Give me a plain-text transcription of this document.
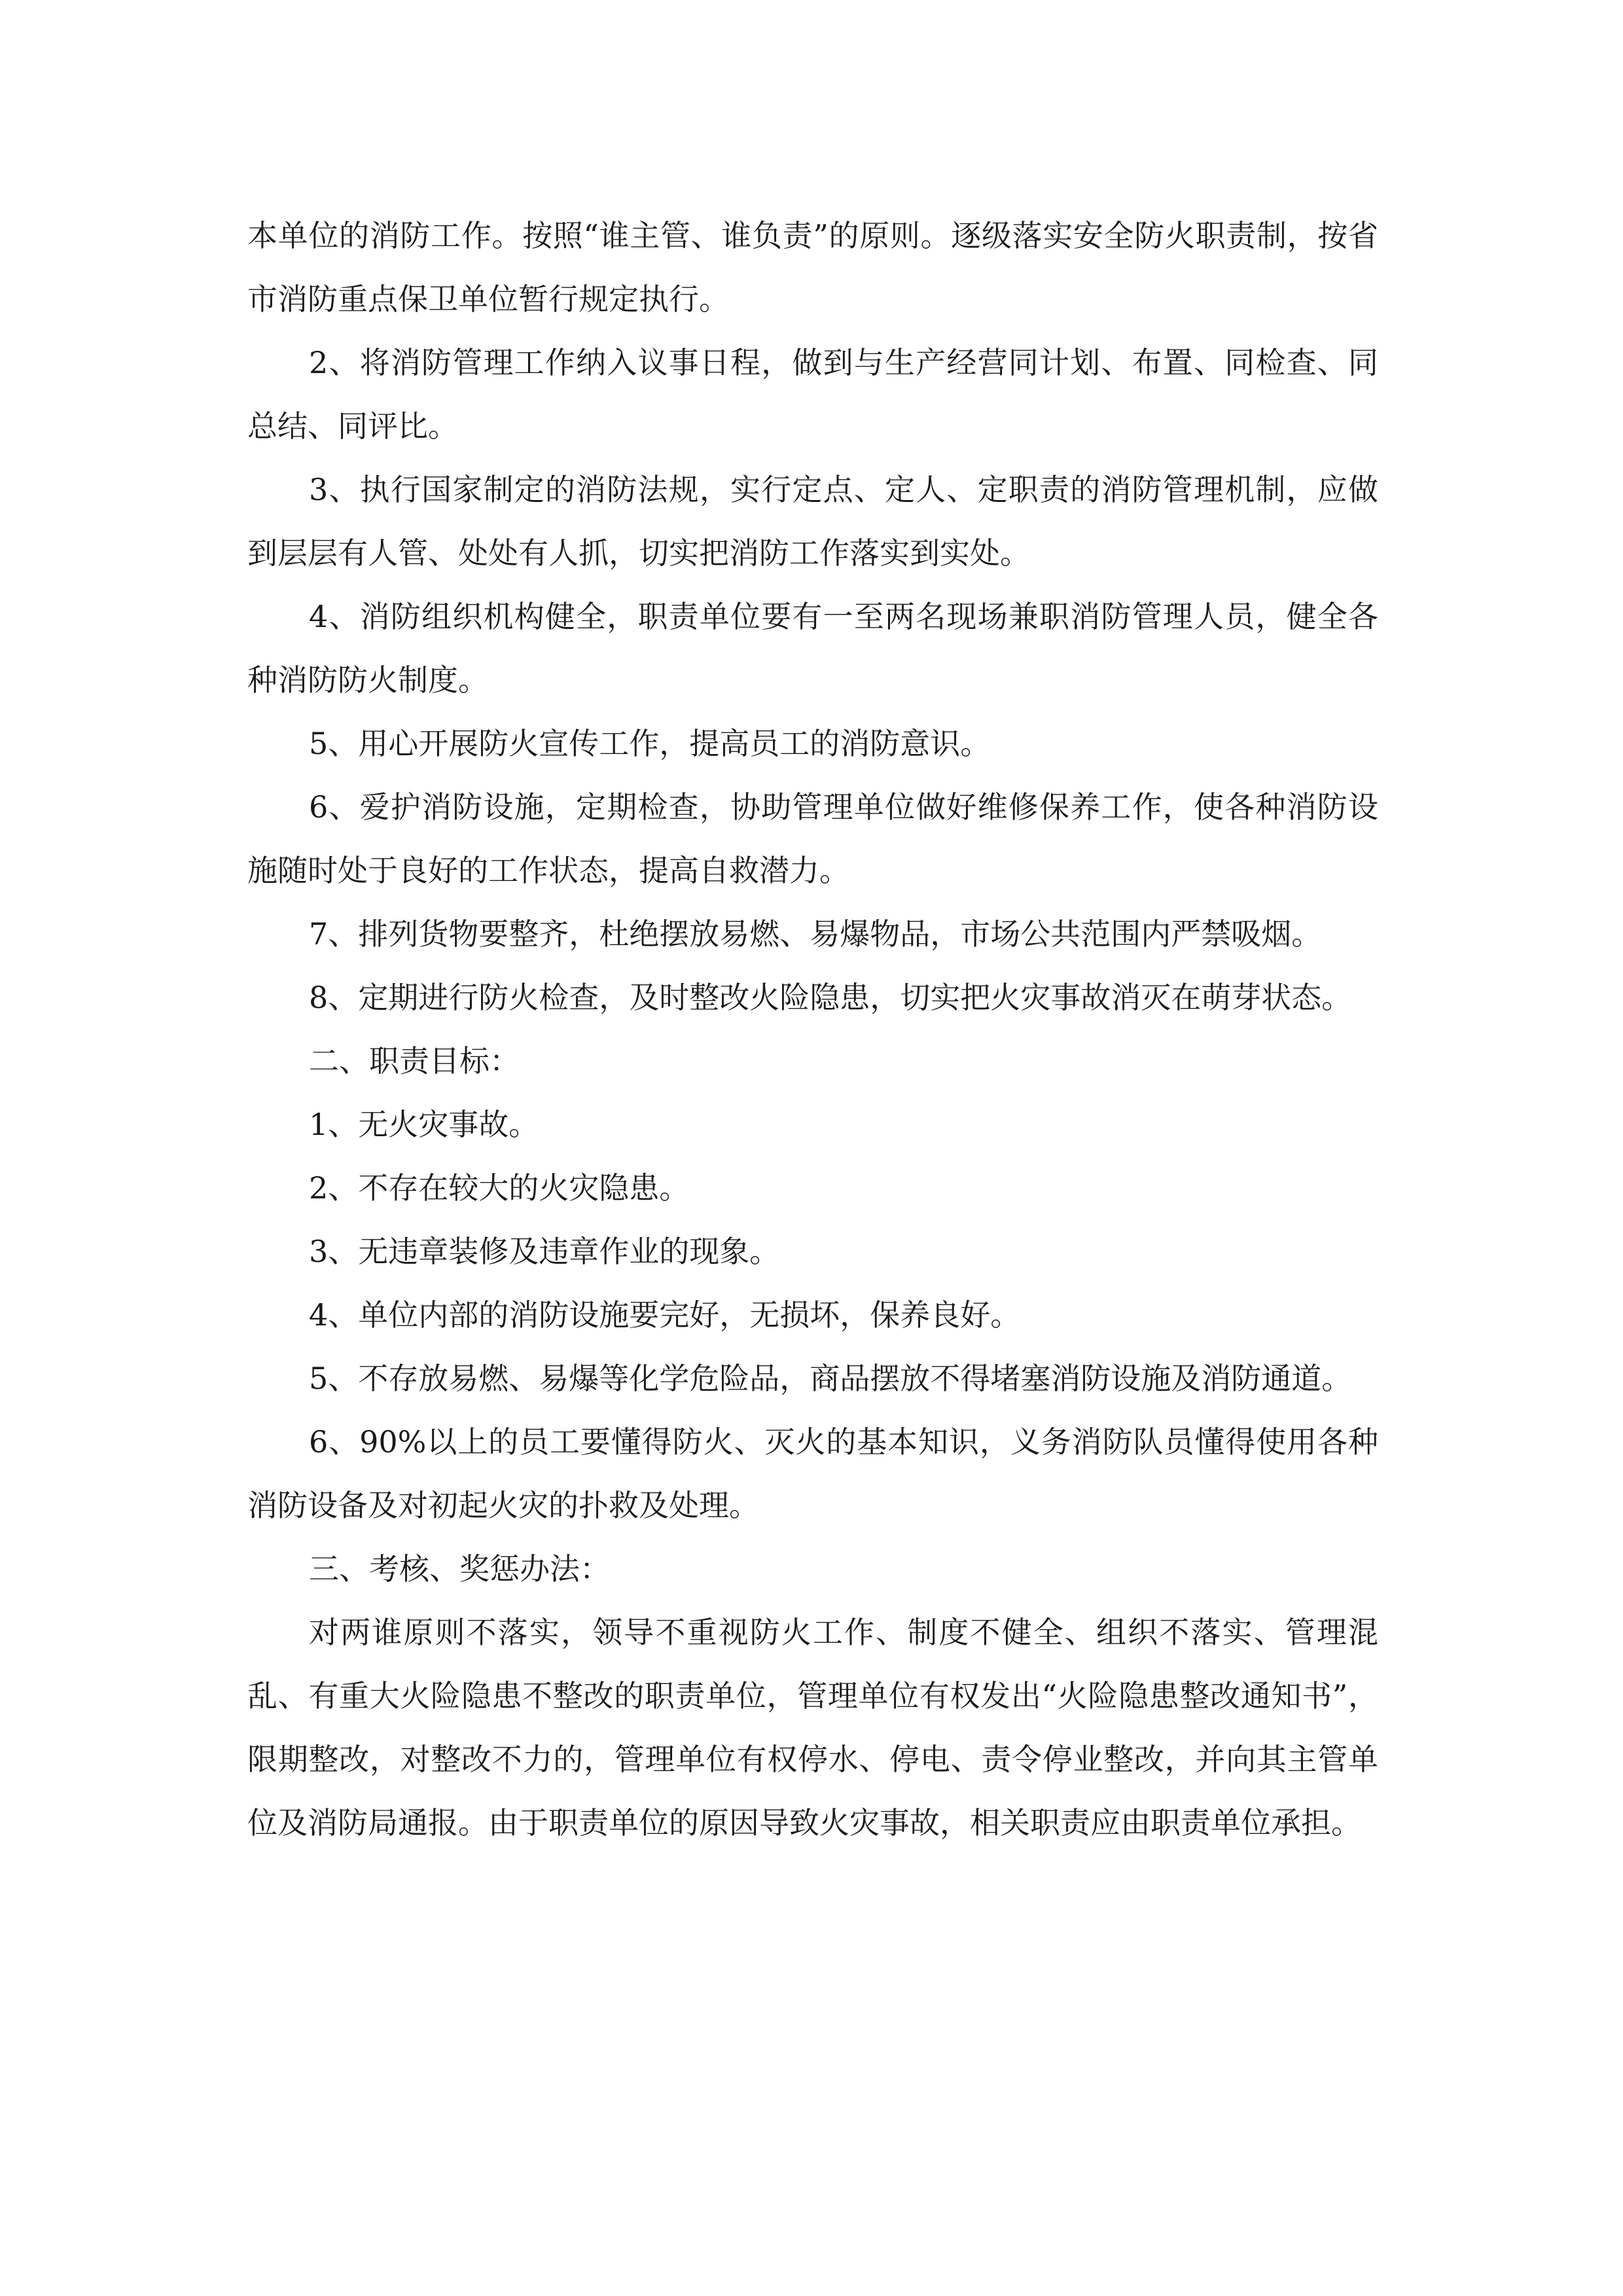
本单位的消防工作。按照“谁主管、谁负责”的原则。逐级落实安全防火职责制，按省市消防重点保卫单位暂行规定执行。

2、将消防管理工作纳入议事日程，做到与生产经营同计划、布置、同检查、同总结、同评比。

3、执行国家制定的消防法规，实行定点、定人、定职责的消防管理机制，应做到层层有人管、处处有人抓，切实把消防工作落实到实处。

4、消防组织机构健全，职责单位要有一至两名现场兼职消防管理人员，健全各种消防防火制度。

5、用心开展防火宣传工作，提高员工的消防意识。

6、爱护消防设施，定期检查，协助管理单位做好维修保养工作，使各种消防设施随时处于良好的工作状态，提高自救潜力。

7、排列货物要整齐，杜绝摆放易燃、易爆物品，市场公共范围内严禁吸烟。

8、定期进行防火检查，及时整改火险隐患，切实把火灾事故消灭在萌芽状态。

二、职责目标：

1、无火灾事故。

2、不存在较大的火灾隐患。

3、无违章装修及违章作业的现象。

4、单位内部的消防设施要完好，无损坏，保养良好。

5、不存放易燃、易爆等化学危险品，商品摆放不得堵塞消防设施及消防通道。

6、90%以上的员工要懂得防火、灭火的基本知识，义务消防队员懂得使用各种消防设备及对初起火灾的扑救及处理。

三、考核、奖惩办法：

对两谁原则不落实，领导不重视防火工作、制度不健全、组织不落实、管理混乱、有重大火险隐患不整改的职责单位，管理单位有权发出“火险隐患整改通知书”，限期整改，对整改不力的，管理单位有权停水、停电、责令停业整改，并向其主管单位及消防局通报。由于职责单位的原因导致火灾事故，相关职责应由职责单位承担。
